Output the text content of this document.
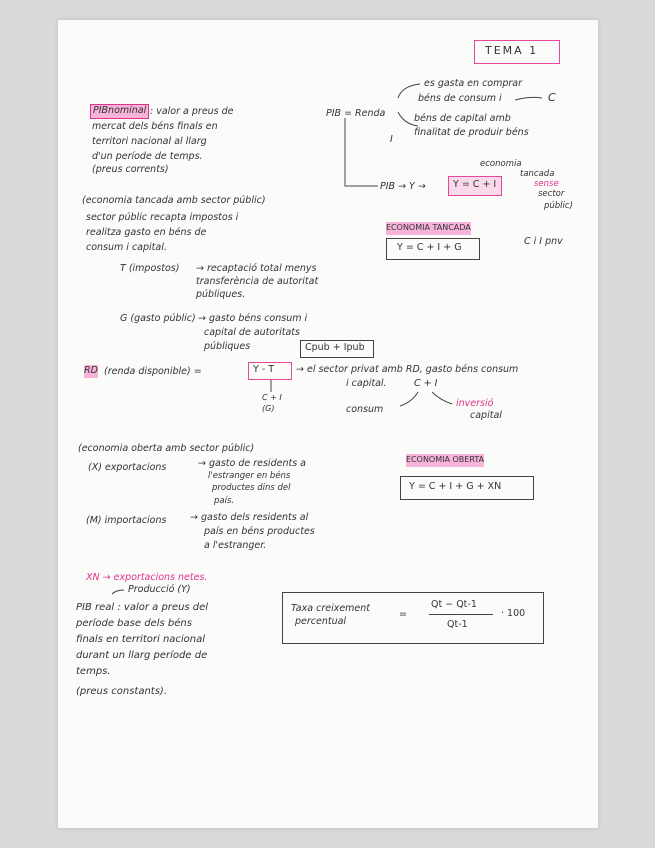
TEMA 1
PIBnominal : valor a preus de
mercat dels béns finals en
territori nacional al llarg
d'un període de temps.
(preus corrents)
PIB = Renda
es gasta en comprar
béns de consum i	C
béns de capital amb
finalitat de produir béns
I
PIB → Y →	Y = C + I
economia
tancada
sense
sector
públic)
(economia tancada amb sector públic)
sector públic recapta impostos i
realitza gasto en béns de
consum i capital.
ECONOMIA TANCADA
Y = C + I + G
C i I pnv
T (impostos) → recaptació total menys
transferència de autoritat
públiques.
G (gasto públic) → gasto béns consum i
capital de autoritats
públiques	Cpub + Ipub
RD (renda disponible) =	Y - T → el sector privat amb RD, gasto béns consum
i capital.
C + I
(G)
C + I
consum
inversió
capital
(economia oberta amb sector públic)
(X) exportacions	→ gasto de residents a
l'estranger en béns
productes dins del
país.
ECONOMIA OBERTA
Y = C + I + G + XN
(M) importacions → gasto dels residents al
país en béns productes
a l'estranger.
XN → exportacions netes.
Producció (Y)
PIB real : valor a preus del
període base dels béns
finals en territori nacional
durant un llarg període de
temps.
(preus constants).
Taxa creixement
percentual
=
Qt − Qt-1
Qt-1
· 100
